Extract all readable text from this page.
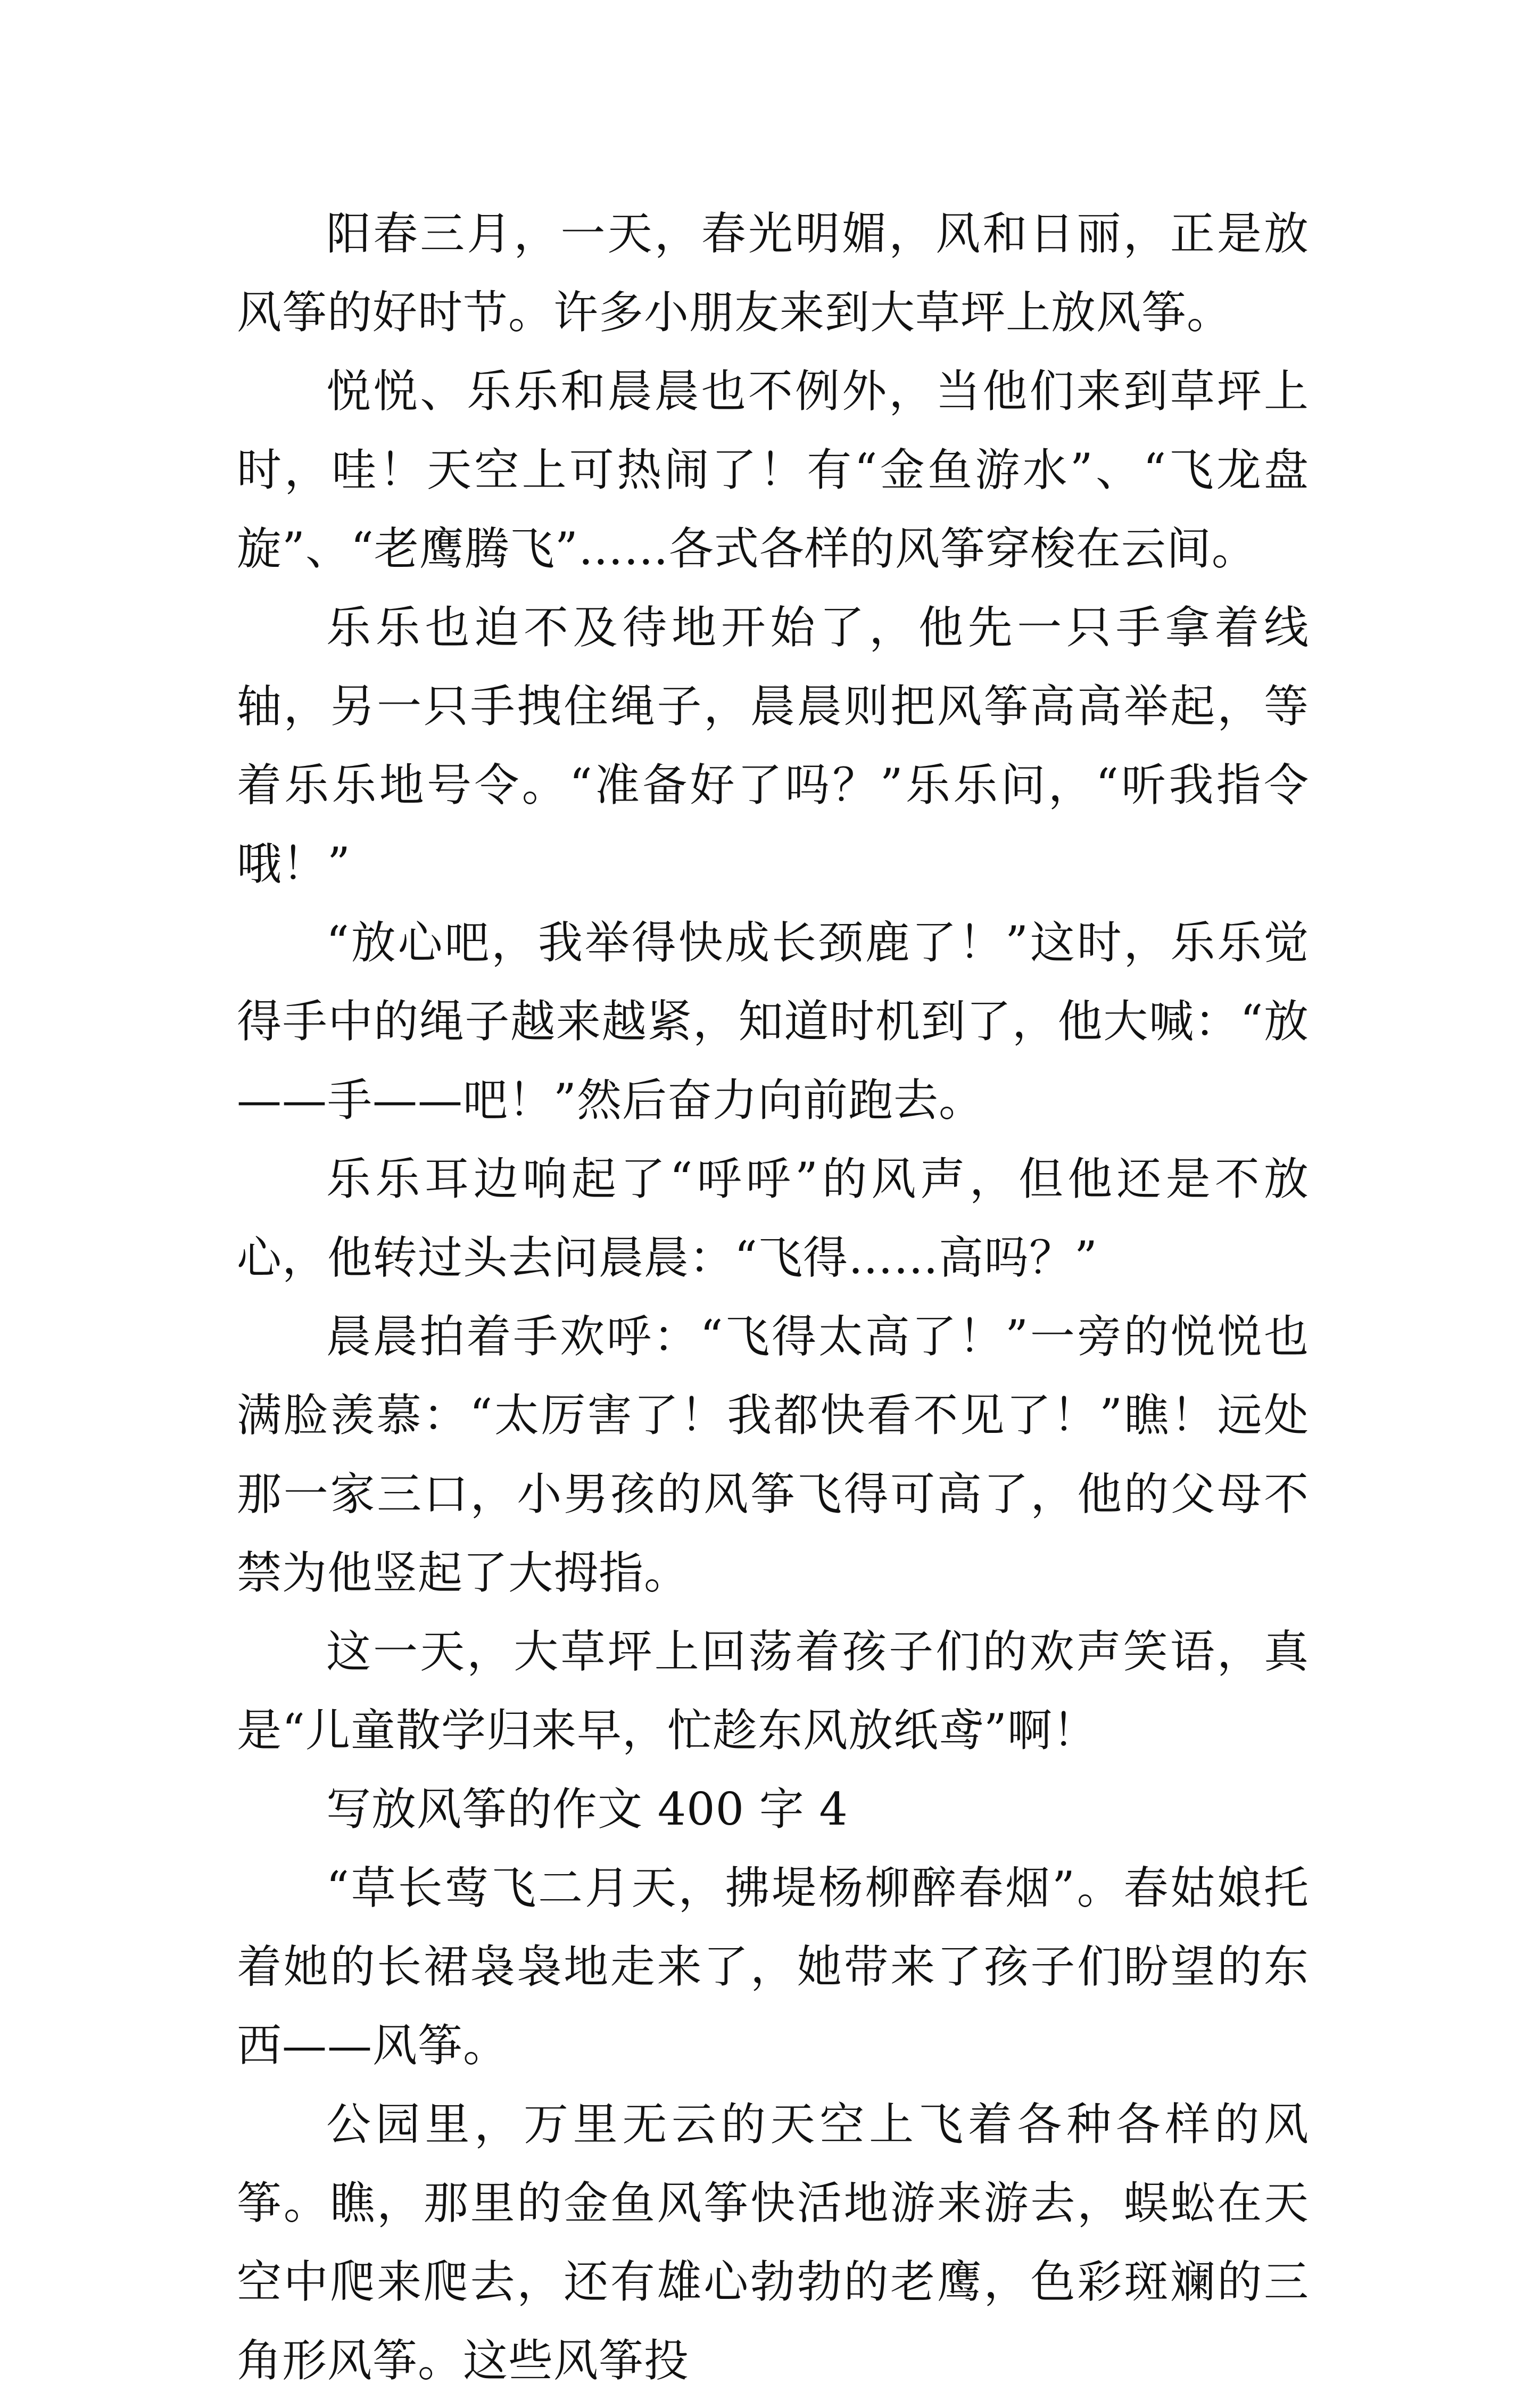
阳春三月，一天，春光明媚，风和日丽，正是放风筝的好时节。许多小朋友来到大草坪上放风筝。

悦悦、乐乐和晨晨也不例外，当他们来到草坪上时，哇！天空上可热闹了！有“金鱼游水”、“飞龙盘旋”、“老鹰腾飞”……各式各样的风筝穿梭在云间。

乐乐也迫不及待地开始了，他先一只手拿着线轴，另一只手拽住绳子，晨晨则把风筝高高举起，等着乐乐地号令。“准备好了吗？”乐乐问，“听我指令哦！”

“放心吧，我举得快成长颈鹿了！”这时，乐乐觉得手中的绳子越来越紧，知道时机到了，他大喊：“放——手——吧！”然后奋力向前跑去。

乐乐耳边响起了“呼呼”的风声，但他还是不放心，他转过头去问晨晨：“飞得……高吗？”

晨晨拍着手欢呼：“飞得太高了！”一旁的悦悦也满脸羡慕：“太厉害了！我都快看不见了！”瞧！远处那一家三口，小男孩的风筝飞得可高了，他的父母不禁为他竖起了大拇指。

这一天，大草坪上回荡着孩子们的欢声笑语，真是“儿童散学归来早，忙趁东风放纸鸢”啊！

写放风筝的作文 400 字 4

“草长莺飞二月天，拂堤杨柳醉春烟”。春姑娘托着她的长裙袅袅地走来了，她带来了孩子们盼望的东西——风筝。

公园里，万里无云的天空上飞着各种各样的风筝。瞧，那里的金鱼风筝快活地游来游去，蜈蚣在天空中爬来爬去，还有雄心勃勃的老鹰，色彩斑斓的三角形风筝。这些风筝投
